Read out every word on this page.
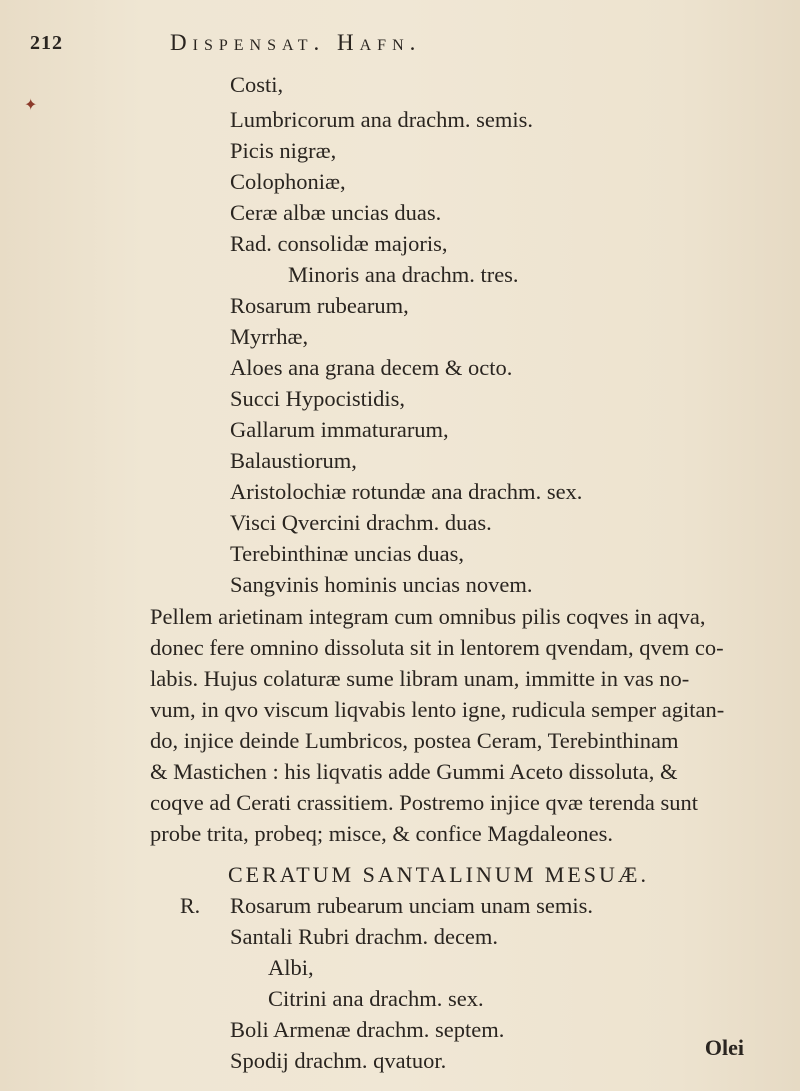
212	Dispensat. Hafn.
✦
Costi,
Lumbricorum ana drachm. semis.
Picis nigræ,
Colophoniæ,
Ceræ albæ uncias duas.
Rad. consolidæ majoris,
Minoris ana drachm. tres.
Rosarum rubearum,
Myrrhæ,
Aloes ana grana decem & octo.
Succi Hypocistidis,
Gallarum immaturarum,
Balaustiorum,
Aristolochiæ rotundæ ana drachm. sex.
Visci Qvercini drachm. duas.
Terebinthinæ uncias duas,
Sangvinis hominis uncias novem.
Pellem arietinam integram cum omnibus pilis coqves in aqva,
donec fere omnino dissoluta sit in lentorem qvendam, qvem co-
labis. Hujus colaturæ sume libram unam, immitte in vas no-
vum, in qvo viscum liqvabis lento igne, rudicula semper agitan-
do, injice deinde Lumbricos, postea Ceram, Terebinthinam
& Mastichen : his liqvatis adde Gummi Aceto dissoluta, &
coqve ad Cerati crassitiem. Postremo injice qvæ terenda sunt
probe trita, probeq; misce, & confice Magdaleones.
CERATUM SANTALINUM MESUÆ.
R. Rosarum rubearum unciam unam semis.
Santali Rubri drachm. decem.
Albi,
Citrini ana drachm. sex.
Boli Armenæ drachm. septem.
Spodij drachm. qvatuor.
Olei
